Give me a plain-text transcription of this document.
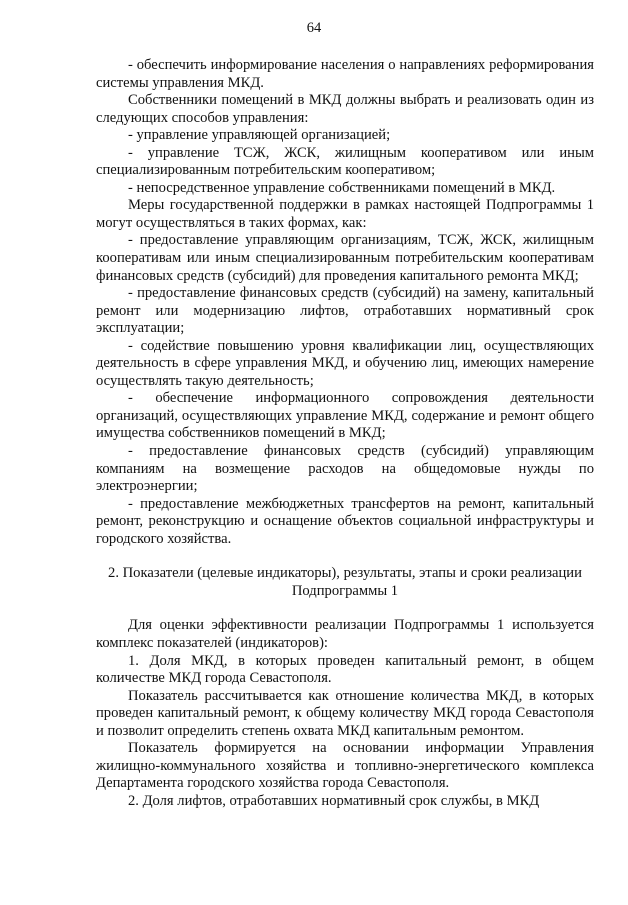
64

- обеспечить информирование населения о направлениях реформирования системы управления МКД.

Собственники помещений в МКД должны выбрать и реализовать один из следующих способов управления:

- управление управляющей организацией;

- управление ТСЖ, ЖСК, жилищным кооперативом или иным специализированным потребительским кооперативом;

- непосредственное управление собственниками помещений в МКД.

Меры государственной поддержки в рамках настоящей Подпрограммы 1 могут осуществляться в таких формах, как:

- предоставление управляющим организациям, ТСЖ, ЖСК, жилищным кооперативам или иным специализированным потребительским кооперативам финансовых средств (субсидий) для проведения капитального ремонта МКД;

- предоставление финансовых средств (субсидий) на замену, капитальный ремонт или модернизацию лифтов, отработавших нормативный срок эксплуатации;

- содействие повышению уровня квалификации лиц, осуществляющих деятельность в сфере управления МКД, и обучению лиц, имеющих намерение осуществлять такую деятельность;

- обеспечение информационного сопровождения деятельности организаций, осуществляющих управление МКД, содержание и ремонт общего имущества собственников помещений в МКД;

- предоставление финансовых средств (субсидий) управляющим компаниям на возмещение расходов на общедомовые нужды по электроэнергии;

- предоставление межбюджетных трансфертов на ремонт, капитальный ремонт, реконструкцию и оснащение объектов социальной инфраструктуры и городского хозяйства.

2. Показатели (целевые индикаторы), результаты, этапы и сроки реализации Подпрограммы 1

Для оценки эффективности реализации Подпрограммы 1 используется комплекс показателей (индикаторов):

1. Доля МКД, в которых проведен капитальный ремонт, в общем количестве МКД города Севастополя.

Показатель рассчитывается как отношение количества МКД, в которых проведен капитальный ремонт, к общему количеству МКД города Севастополя и позволит определить степень охвата МКД капитальным ремонтом.

Показатель формируется на основании информации Управления жилищно-коммунального хозяйства и топливно-энергетического комплекса Департамента городского хозяйства города Севастополя.

2. Доля лифтов, отработавших нормативный срок службы, в МКД
